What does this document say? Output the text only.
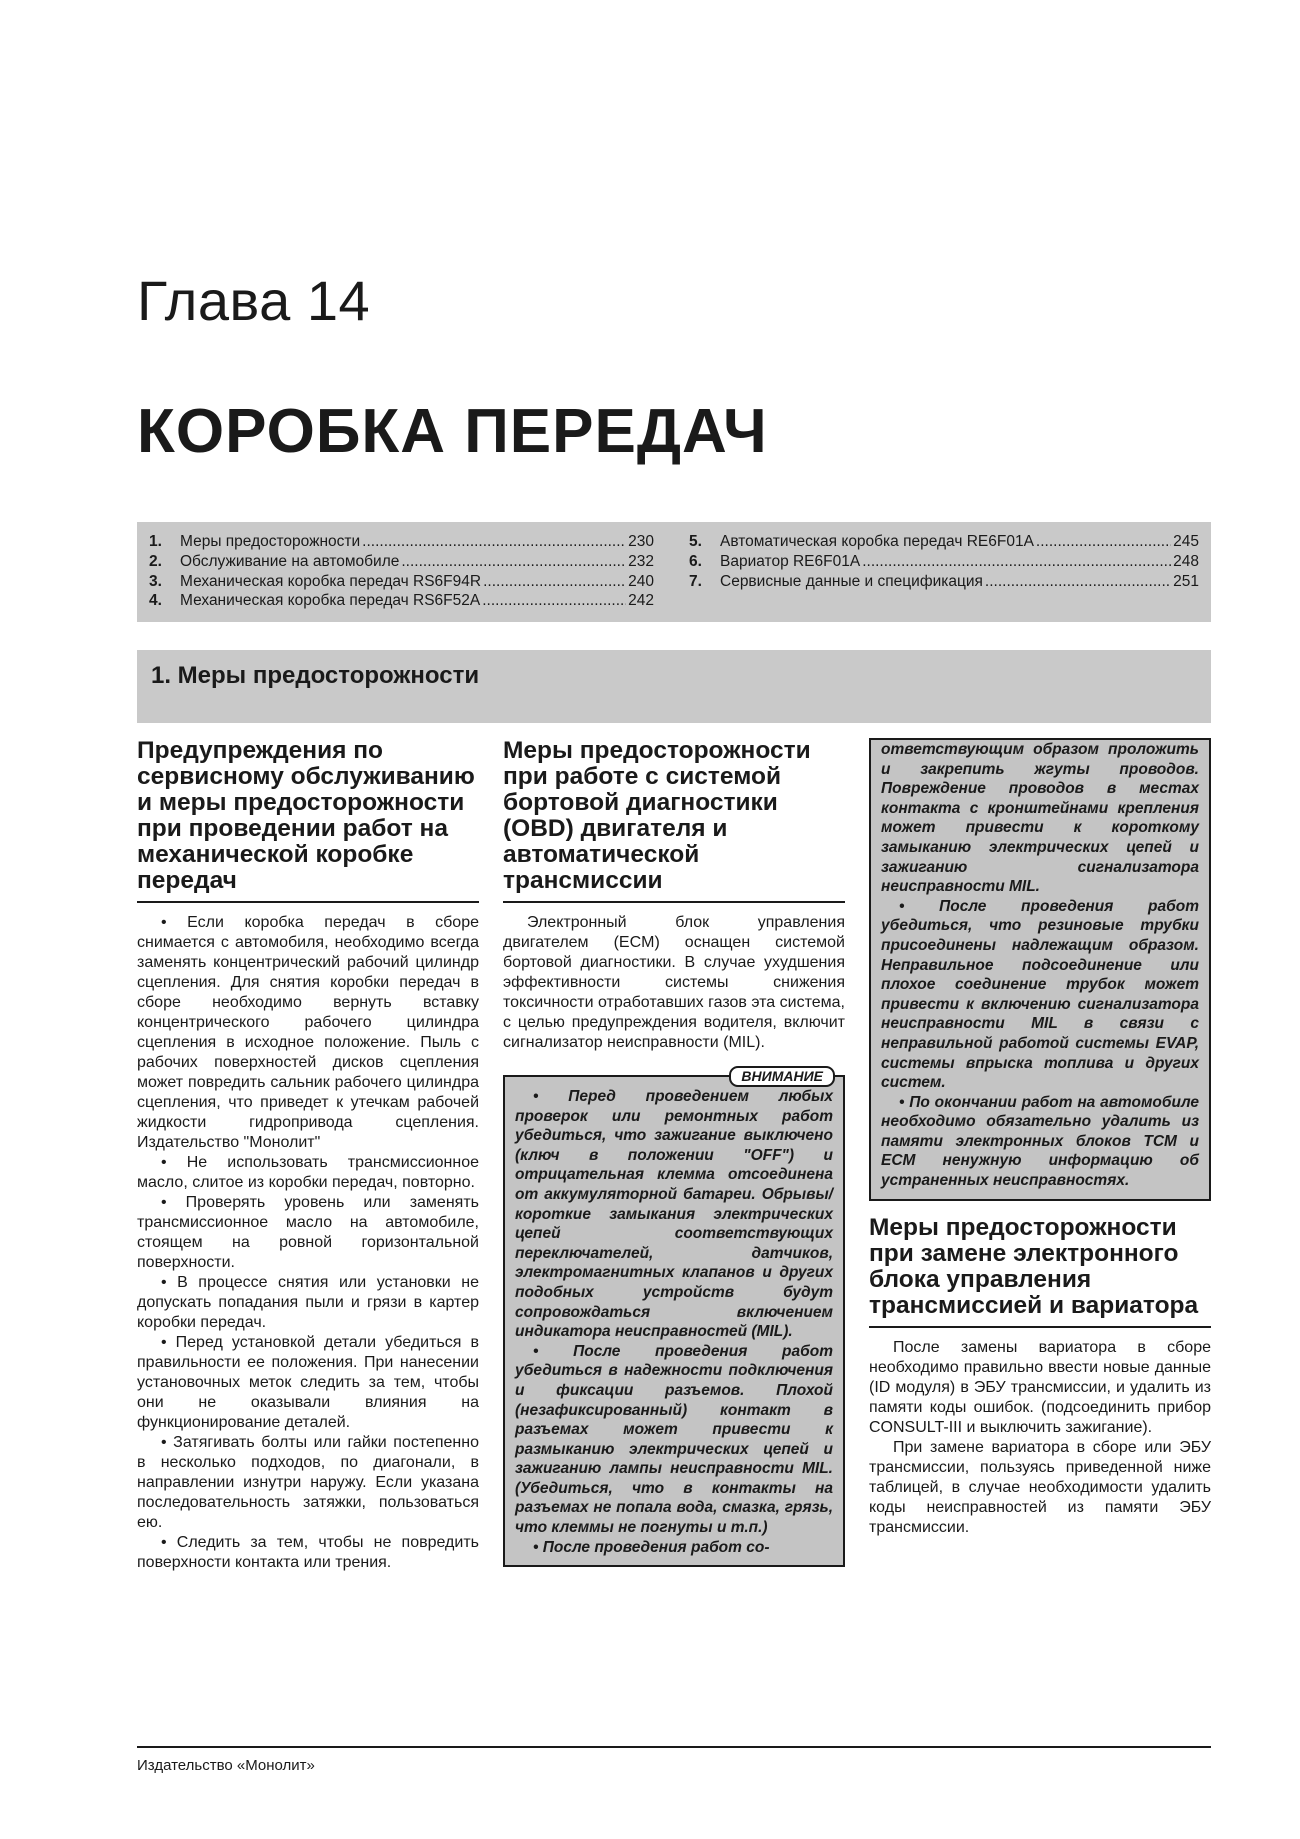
Глава 14
КОРОБКА ПЕРЕДАЧ
1.	Меры предосторожности .....	230
2.	Обслуживание на автомобиле .....	232
3.	Механическая коробка передач RS6F94R .....	240
4.	Механическая коробка передач RS6F52A .....	242
5.	Автоматическая коробка передач RE6F01A .....	245
6.	Вариатор RE6F01A .....	248
7.	Сервисные данные и спецификация .....	251
1. Меры предосторожности
Предупреждения по сервисному обслуживанию и меры предосторожности при проведении работ на механической коробке передач

• Если коробка передач в сборе снимается с автомобиля, необходимо всегда заменять концентрический рабочий цилиндр сцепления. Для снятия коробки передач в сборе необходимо вернуть вставку концентрического рабочего цилиндра сцепления в исходное положение. Пыль с рабочих поверхностей дисков сцепления может повредить сальник рабочего цилиндра сцепления, что приведет к утечкам рабочей жидкости гидропривода сцепления. Издательство "Монолит"

• Не использовать трансмиссионное масло, слитое из коробки передач, повторно.

• Проверять уровень или заменять трансмиссионное масло на автомобиле, стоящем на ровной горизонтальной поверхности.

• В процессе снятия или установки не допускать попадания пыли и грязи в картер коробки передач.

• Перед установкой детали убедиться в правильности ее положения. При нанесении установочных меток следить за тем, чтобы они не оказывали влияния на функционирование деталей.

• Затягивать болты или гайки постепенно в несколько подходов, по диагонали, в направлении изнутри наружу. Если указана последовательность затяжки, пользоваться ею.

• Следить за тем, чтобы не повредить поверхности контакта или трения.

Меры предосторожности при работе с системой бортовой диагностики (OBD) двигателя и автоматической трансмиссии

Электронный блок управления двигателем (ECM) оснащен системой бортовой диагностики. В случае ухудшения эффективности системы снижения токсичности отработавших газов эта система, с целью предупреждения водителя, включит сигнализатор неисправности (MIL).

ВНИМАНИЕ

• Перед проведением любых проверок или ремонтных работ убедиться, что зажигание выключено (ключ в положении "OFF") и отрицательная клемма отсоединена от аккумуляторной батареи. Обрывы/короткие замыкания электрических цепей соответствующих переключателей, датчиков, электромагнитных клапанов и других подобных устройств будут сопровождаться включением индикатора неисправностей (MIL).

• После проведения работ убедиться в надежности подключения и фиксации разъемов. Плохой (незафиксированный) контакт в разъемах может привести к размыканию электрических цепей и зажиганию лампы неисправности MIL. (Убедиться, что в контакты на разъемах не попала вода, смазка, грязь, что клеммы не погнуты и т.п.)

• После проведения работ со-

ответствующим образом проложить и закрепить жгуты проводов. Повреждение проводов в местах контакта с кронштейнами крепления может привести к короткому замыканию электрических цепей и зажиганию сигнализатора неисправности MIL.

• После проведения работ убедиться, что резиновые трубки присоединены надлежащим образом. Неправильное подсоединение или плохое соединение трубок может привести к включению сигнализатора неисправности MIL в связи с неправильной работой системы EVAP, системы впрыска топлива и других систем.

• По окончании работ на автомобиле необходимо обязательно удалить из памяти электронных блоков TCM и ECM ненужную информацию об устраненных неисправностях.

Меры предосторожности при замене электронного блока управления трансмиссией и вариатора

После замены вариатора в сборе необходимо правильно ввести новые данные (ID модуля) в ЭБУ трансмиссии, и удалить из памяти коды ошибок. (подсоединить прибор CONSULT-III и выключить зажигание).

При замене вариатора в сборе или ЭБУ трансмиссии, пользуясь приведенной ниже таблицей, в случае необходимости удалить коды неисправностей из памяти ЭБУ трансмиссии.

Издательство «Монолит»
